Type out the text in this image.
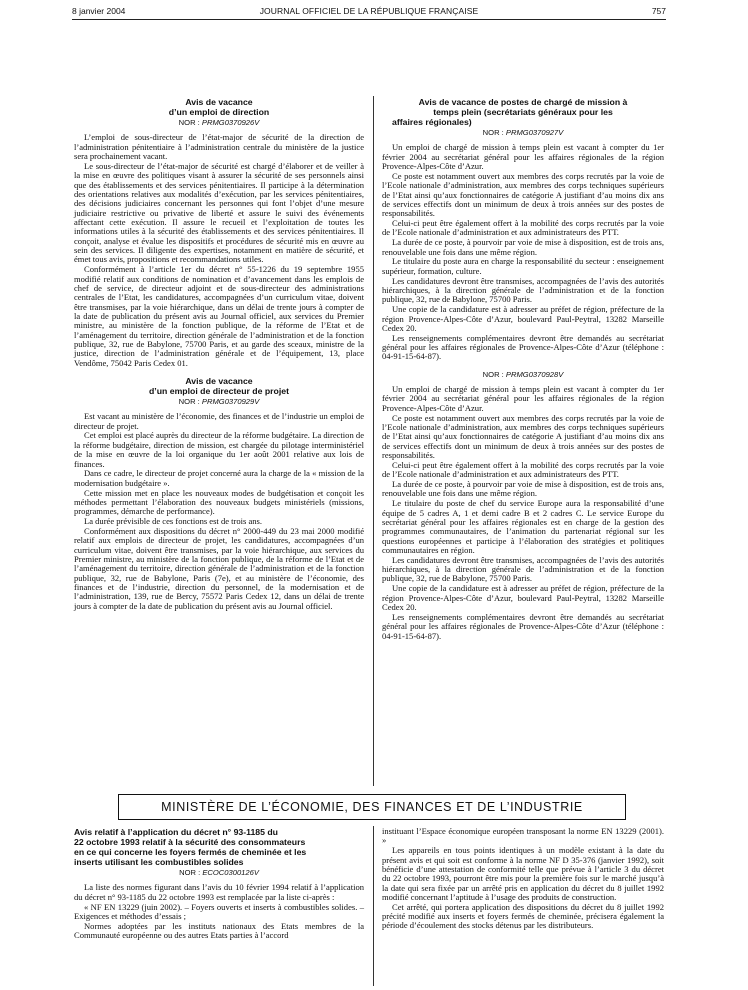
8 janvier 2004	JOURNAL OFFICIEL DE LA RÉPUBLIQUE FRANÇAISE	757
Avis de vacance
d’un emploi de direction
NOR : PRMG0370926V

L’emploi de sous-directeur de l’état-major de sécurité de la direction de l’administration pénitentiaire à l’administration centrale du ministère de la justice sera prochainement vacant.

Le sous-directeur de l’état-major de sécurité est chargé d’élaborer et de veiller à la mise en œuvre des politiques visant à assurer la sécurité de ses personnels ainsi que des établissements et des services pénitentiaires. Il participe à la détermination des orientations relatives aux modalités d’exécution, par les services pénitentiaires, des décisions judiciaires concernant les personnes qui font l’objet d’une mesure judiciaire restrictive ou privative de liberté et assure le suivi des événements affectant cette exécution. Il assure le recueil et l’exploitation de toutes les informations utiles à la sécurité des établissements et des services pénitentiaires. Il conçoit, analyse et évalue les dispositifs et procédures de sécurité mis en œuvre au sein des services. Il diligente des expertises, notamment en matière de sécurité, et émet tous avis, propositions et recommandations utiles.

Conformément à l’article 1er du décret n° 55-1226 du 19 septembre 1955 modifié relatif aux conditions de nomination et d’avancement dans les emplois de chef de service, de directeur adjoint et de sous-directeur des administrations centrales de l’Etat, les candidatures, accompagnées d’un curriculum vitae, doivent être transmises, par la voie hiérarchique, dans un délai de trente jours à compter de la date de publication du présent avis au Journal officiel, aux services du Premier ministre, au ministère de la fonction publique, de la réforme de l’Etat et de l’aménagement du territoire, direction générale de l’administration et de la fonction publique, 32, rue de Babylone, 75700 Paris, et au garde des sceaux, ministre de la justice, direction de l’administration générale et de l’équipement, 13, place Vendôme, 75042 Paris Cedex 01.

Avis de vacance
d’un emploi de directeur de projet
NOR : PRMG0370929V

Est vacant au ministère de l’économie, des finances et de l’industrie un emploi de directeur de projet.

Cet emploi est placé auprès du directeur de la réforme budgétaire. La direction de la réforme budgétaire, direction de mission, est chargée du pilotage interministériel de la mise en œuvre de la loi organique du 1er août 2001 relative aux lois de finances.

Dans ce cadre, le directeur de projet concerné aura la charge de la « mission de la modernisation budgétaire ».

Cette mission met en place les nouveaux modes de budgétisation et conçoit les méthodes permettant l’élaboration des nouveaux budgets ministériels (missions, programmes, démarche de performance).

La durée prévisible de ces fonctions est de trois ans.

Conformément aux dispositions du décret n° 2000-449 du 23 mai 2000 modifié relatif aux emplois de directeur de projet, les candidatures, accompagnées d’un curriculum vitae, doivent être transmises, par la voie hiérarchique, aux services du Premier ministre, au ministère de la fonction publique, de la réforme de l’Etat et de l’aménagement du territoire, direction générale de l’administration et de la fonction publique, 32, rue de Babylone, Paris (7e), et au ministère de l’économie, des finances et de l’industrie, direction du personnel, de la modernisation et de l’administration, 139, rue de Bercy, 75572 Paris Cedex 12, dans un délai de trente jours à compter de la date de publication du présent avis au Journal officiel.

Avis de vacance de postes de chargé de mission à
temps plein (secrétariats généraux pour les
affaires régionales)
NOR : PRMG0370927V

Un emploi de chargé de mission à temps plein est vacant à compter du 1er février 2004 au secrétariat général pour les affaires régionales de la région Provence-Alpes-Côte d’Azur.

Ce poste est notamment ouvert aux membres des corps recrutés par la voie de l’Ecole nationale d’administration, aux membres des corps techniques supérieurs de l’Etat ainsi qu’aux fonctionnaires de catégorie A justifiant d’au moins dix ans de services effectifs dont un minimum de deux à trois années sur des postes de responsabilités.

Celui-ci peut être également offert à la mobilité des corps recrutés par la voie de l’Ecole nationale d’administration et aux administrateurs des PTT.

La durée de ce poste, à pourvoir par voie de mise à disposition, est de trois ans, renouvelable une fois dans une même région.

Le titulaire du poste aura en charge la responsabilité du secteur : enseignement supérieur, formation, culture.

Les candidatures devront être transmises, accompagnées de l’avis des autorités hiérarchiques, à la direction générale de l’administration et de la fonction publique, 32, rue de Babylone, 75700 Paris.

Une copie de la candidature est à adresser au préfet de région, préfecture de la région Provence-Alpes-Côte d’Azur, boulevard Paul-Peytral, 13282 Marseille Cedex 20.

Les renseignements complémentaires devront être demandés au secrétariat général pour les affaires régionales de Provence-Alpes-Côte d’Azur (téléphone : 04-91-15-64-87).

NOR : PRMG0370928V

Un emploi de chargé de mission à temps plein est vacant à compter du 1er février 2004 au secrétariat général pour les affaires régionales de la région Provence-Alpes-Côte d’Azur.

Ce poste est notamment ouvert aux membres des corps recrutés par la voie de l’Ecole nationale d’administration, aux membres des corps techniques supérieurs de l’Etat ainsi qu’aux fonctionnaires de catégorie A justifiant d’au moins dix ans de services effectifs dont un minimum de deux à trois années sur des postes de responsabilités.

Celui-ci peut être également offert à la mobilité des corps recrutés par la voie de l’Ecole nationale d’administration et aux administrateurs des PTT.

La durée de ce poste, à pourvoir par voie de mise à disposition, est de trois ans, renouvelable une fois dans une même région.

Le titulaire du poste de chef du service Europe aura la responsabilité d’une équipe de 5 cadres A, 1 et demi cadre B et 2 cadres C. Le service Europe du secrétariat général pour les affaires régionales est en charge de la gestion des programmes communautaires, de l’animation du partenariat régional sur les questions européennes et participe à l’élaboration des stratégies et politiques communautaires en région.

Les candidatures devront être transmises, accompagnées de l’avis des autorités hiérarchiques, à la direction générale de l’administration et de la fonction publique, 32, rue de Babylone, 75700 Paris.

Une copie de la candidature est à adresser au préfet de région, préfecture de la région Provence-Alpes-Côte d’Azur, boulevard Paul-Peytral, 13282 Marseille Cedex 20.

Les renseignements complémentaires devront être demandés au secrétariat général pour les affaires régionales de Provence-Alpes-Côte d’Azur (téléphone : 04-91-15-64-87).

MINISTÈRE DE L’ÉCONOMIE, DES FINANCES ET DE L’INDUSTRIE
Avis relatif à l’application du décret n° 93-1185 du
22 octobre 1993 relatif à la sécurité des consommateurs
en ce qui concerne les foyers fermés de cheminée et les
inserts utilisant les combustibles solides
NOR : ECOC0300126V

La liste des normes figurant dans l’avis du 10 février 1994 relatif à l’application du décret n° 93-1185 du 22 octobre 1993 est remplacée par la liste ci-après :

« NF EN 13229 (juin 2002). – Foyers ouverts et inserts à combustibles solides. – Exigences et méthodes d’essais ;

Normes adoptées par les instituts nationaux des Etats membres de la Communauté européenne ou des autres Etats parties à l’accord

instituant l’Espace économique européen transposant la norme EN 13229 (2001). »

Les appareils en tous points identiques à un modèle existant à la date du présent avis et qui soit est conforme à la norme NF D 35-376 (janvier 1992), soit bénéficie d’une attestation de conformité telle que prévue à l’article 3 du décret du 22 octobre 1993, pourront être mis pour la première fois sur le marché jusqu’à la date qui sera fixée par un arrêté pris en application du décret du 8 juillet 1992 modifié concernant l’aptitude à l’usage des produits de construction.

Cet arrêté, qui portera application des dispositions du décret du 8 juillet 1992 précité modifié aux inserts et foyers fermés de cheminée, précisera également la période d’écoulement des stocks détenus par les distributeurs.
